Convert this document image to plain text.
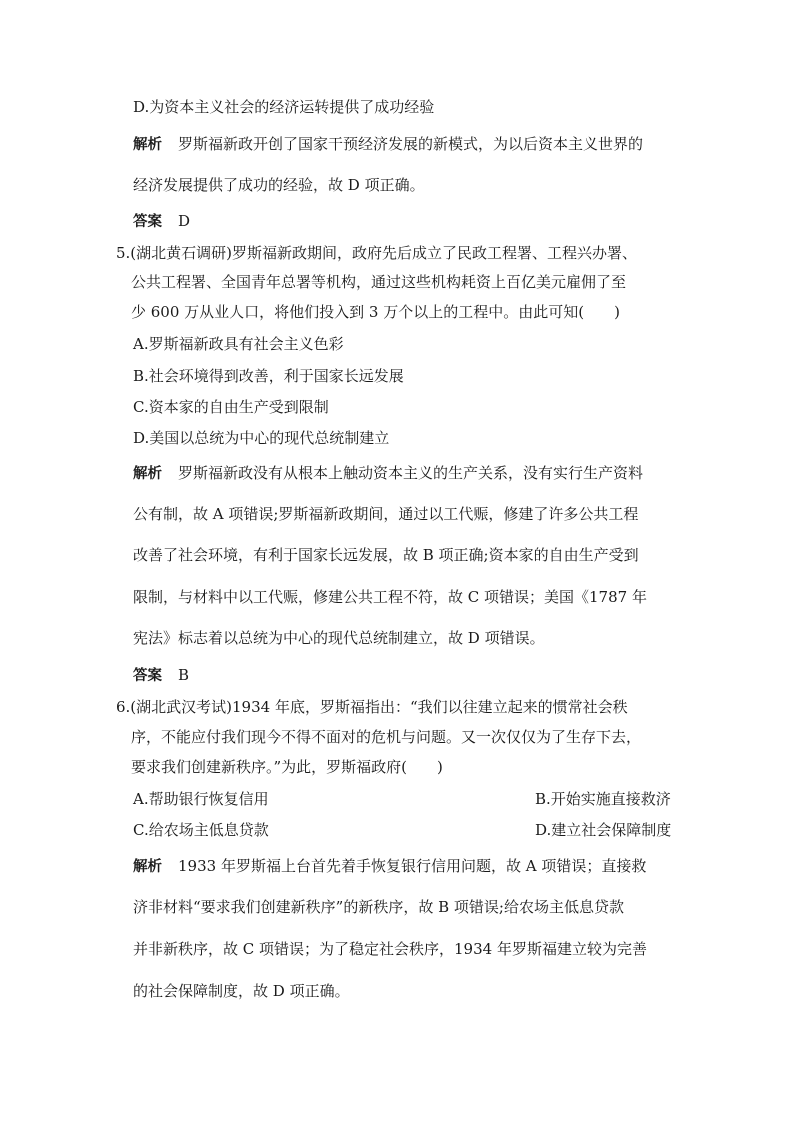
D.为资本主义社会的经济运转提供了成功经验
解析 罗斯福新政开创了国家干预经济发展的新模式，为以后资本主义世界的
经济发展提供了成功的经验，故 D 项正确。
答案 D
5.(湖北黄石调研)罗斯福新政期间，政府先后成立了民政工程署、工程兴办署、
公共工程署、全国青年总署等机构，通过这些机构耗资上百亿美元雇佣了至
少 600 万从业人口，将他们投入到 3 万个以上的工程中。由此可知(　　)
A.罗斯福新政具有社会主义色彩
B.社会环境得到改善，利于国家长远发展
C.资本家的自由生产受到限制
D.美国以总统为中心的现代总统制建立
解析 罗斯福新政没有从根本上触动资本主义的生产关系，没有实行生产资料
公有制，故 A 项错误;罗斯福新政期间，通过以工代赈，修建了许多公共工程
改善了社会环境，有利于国家长远发展，故 B 项正确;资本家的自由生产受到
限制，与材料中以工代赈，修建公共工程不符，故 C 项错误；美国《1787 年
宪法》标志着以总统为中心的现代总统制建立，故 D 项错误。
答案 B
6.(湖北武汉考试)1934 年底，罗斯福指出：“我们以往建立起来的惯常社会秩
序，不能应付我们现今不得不面对的危机与问题。又一次仅仅为了生存下去，
要求我们创建新秩序。”为此，罗斯福政府(　　)
A.帮助银行恢复信用	B.开始实施直接救济
C.给农场主低息贷款	D.建立社会保障制度
解析 1933 年罗斯福上台首先着手恢复银行信用问题，故 A 项错误；直接救
济非材料“要求我们创建新秩序”的新秩序，故 B 项错误;给农场主低息贷款
并非新秩序，故 C 项错误；为了稳定社会秩序，1934 年罗斯福建立较为完善
的社会保障制度，故 D 项正确。
